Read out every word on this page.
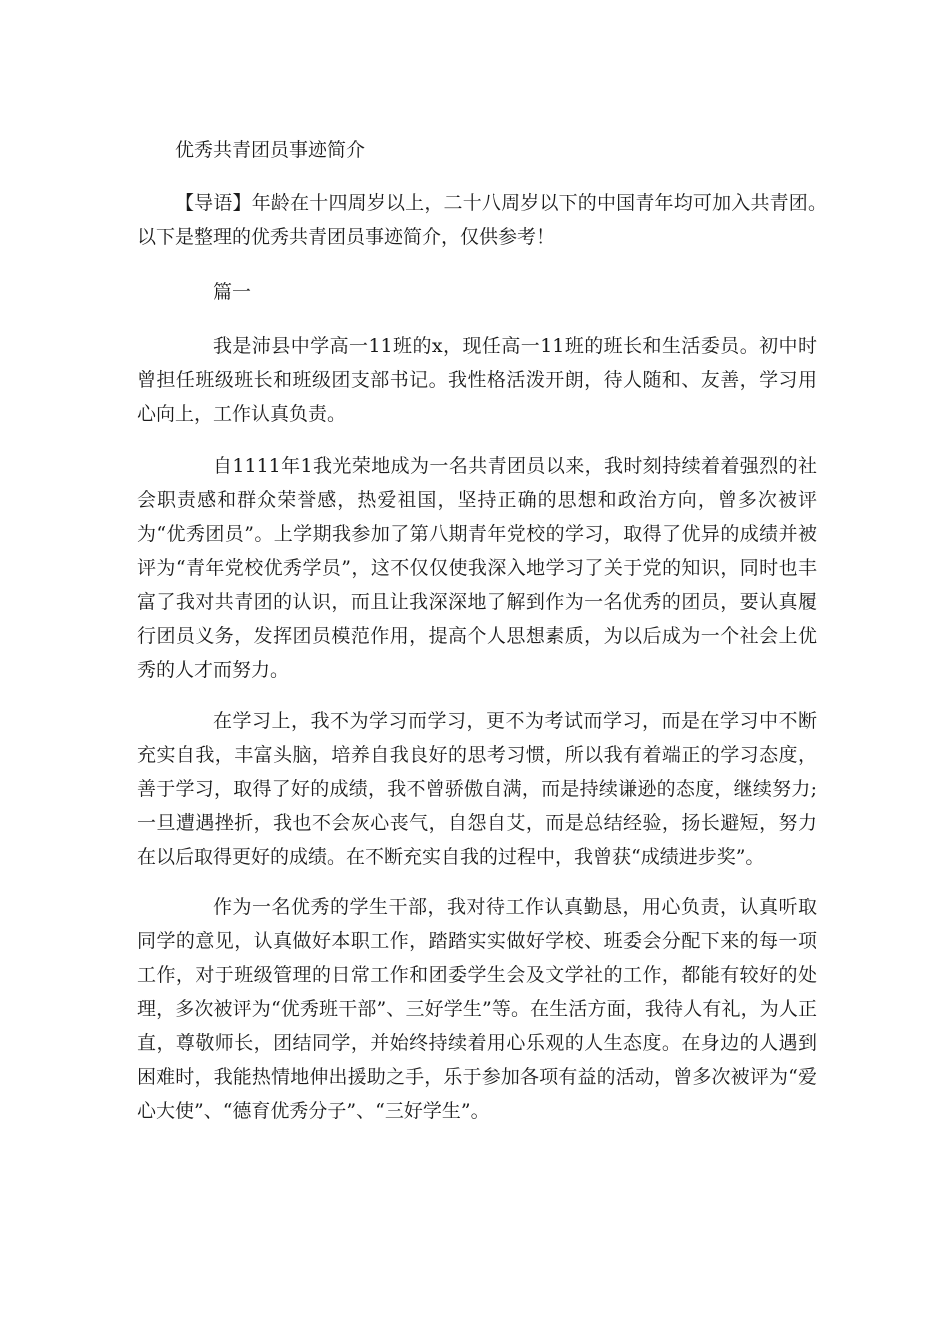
优秀共青团员事迹简介

【导语】年龄在十四周岁以上，二十八周岁以下的中国青年均可加入共青团。以下是整理的优秀共青团员事迹简介，仅供参考！

篇一

我是沛县中学高一11班的x，现任高一11班的班长和生活委员。初中时曾担任班级班长和班级团支部书记。我性格活泼开朗，待人随和、友善，学习用心向上，工作认真负责。

自1111年1我光荣地成为一名共青团员以来，我时刻持续着着强烈的社会职责感和群众荣誉感，热爱祖国，坚持正确的思想和政治方向，曾多次被评为“优秀团员”。上学期我参加了第八期青年党校的学习，取得了优异的成绩并被评为“青年党校优秀学员”，这不仅仅使我深入地学习了关于党的知识，同时也丰富了我对共青团的认识，而且让我深深地了解到作为一名优秀的团员，要认真履行团员义务，发挥团员模范作用，提高个人思想素质，为以后成为一个社会上优秀的人才而努力。

在学习上，我不为学习而学习，更不为考试而学习，而是在学习中不断充实自我，丰富头脑，培养自我良好的思考习惯，所以我有着端正的学习态度，善于学习，取得了好的成绩，我不曾骄傲自满，而是持续谦逊的态度，继续努力;一旦遭遇挫折，我也不会灰心丧气，自怨自艾，而是总结经验，扬长避短，努力在以后取得更好的成绩。在不断充实自我的过程中，我曾获“成绩进步奖”。

作为一名优秀的学生干部，我对待工作认真勤恳，用心负责，认真听取同学的意见，认真做好本职工作，踏踏实实做好学校、班委会分配下来的每一项工作，对于班级管理的日常工作和团委学生会及文学社的工作，都能有较好的处理，多次被评为“优秀班干部”、三好学生”等。在生活方面，我待人有礼，为人正直，尊敬师长，团结同学，并始终持续着用心乐观的人生态度。在身边的人遇到困难时，我能热情地伸出援助之手，乐于参加各项有益的活动，曾多次被评为“爱心大使”、“德育优秀分子”、“三好学生”。
